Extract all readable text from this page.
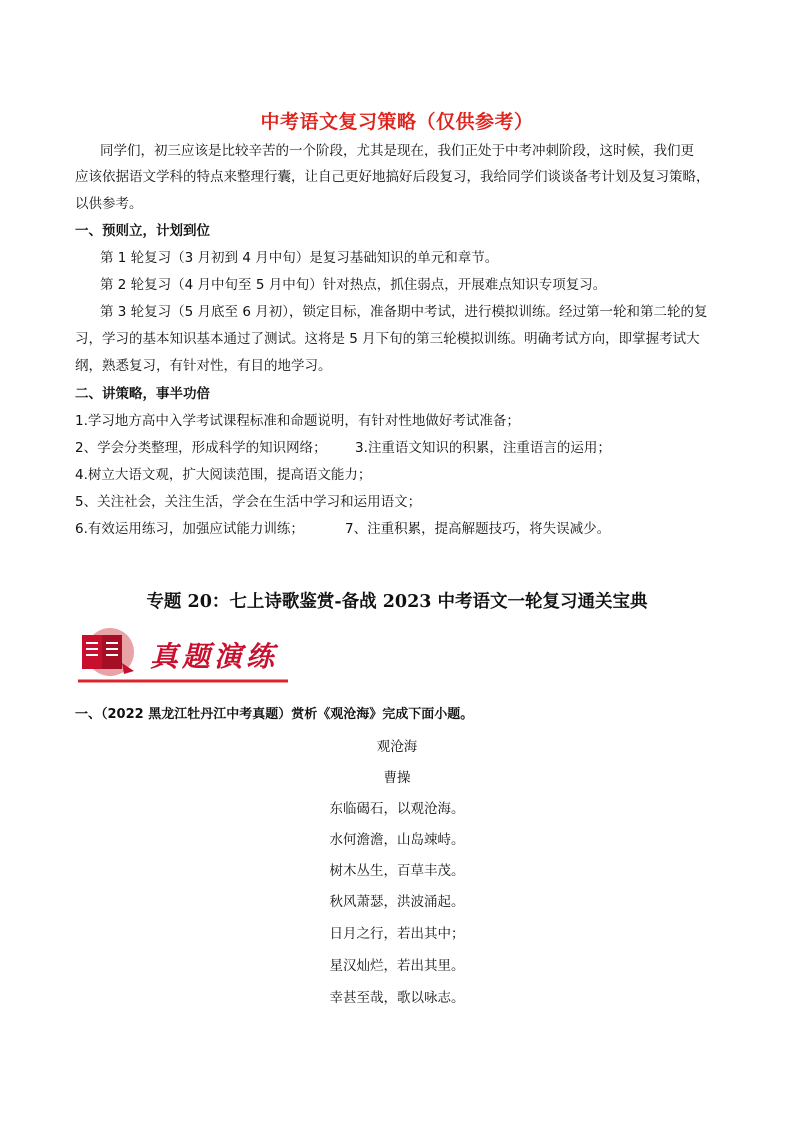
中考语文复习策略（仅供参考）
同学们，初三应该是比较辛苦的一个阶段，尤其是现在，我们正处于中考冲刺阶段，这时候，我们更
应该依据语文学科的特点来整理行囊，让自己更好地搞好后段复习，我给同学们谈谈备考计划及复习策略，
以供参考。
一、预则立，计划到位
第 1 轮复习（3 月初到 4 月中旬）是复习基础知识的单元和章节。
第 2 轮复习（4 月中旬至 5 月中旬）针对热点，抓住弱点，开展难点知识专项复习。
第 3 轮复习（5 月底至 6 月初），锁定目标，准备期中考试，进行模拟训练。经过第一轮和第二轮的复
习，学习的基本知识基本通过了测试。这将是 5 月下旬的第三轮模拟训练。明确考试方向，即掌握考试大
纲，熟悉复习，有针对性，有目的地学习。
二、讲策略，事半功倍
1.学习地方高中入学考试课程标准和命题说明，有针对性地做好考试准备；
2、学会分类整理，形成科学的知识网络； 3.注重语文知识的积累，注重语言的运用；
4.树立大语文观，扩大阅读范围，提高语文能力；
5、关注社会，关注生活，学会在生活中学习和运用语文；
6.有效运用练习，加强应试能力训练；	7、注重积累，提高解题技巧，将失误减少。
专题 20：七上诗歌鉴赏-备战 2023 中考语文一轮复习通关宝典
真题演练
一、（2022 黑龙江牡丹江中考真题）赏析《观沧海》完成下面小题。
观沧海
曹操
东临碣石，以观沧海。
水何澹澹，山岛竦峙。
树木丛生，百草丰茂。
秋风萧瑟，洪波涌起。
日月之行，若出其中；
星汉灿烂，若出其里。
幸甚至哉，歌以咏志。
